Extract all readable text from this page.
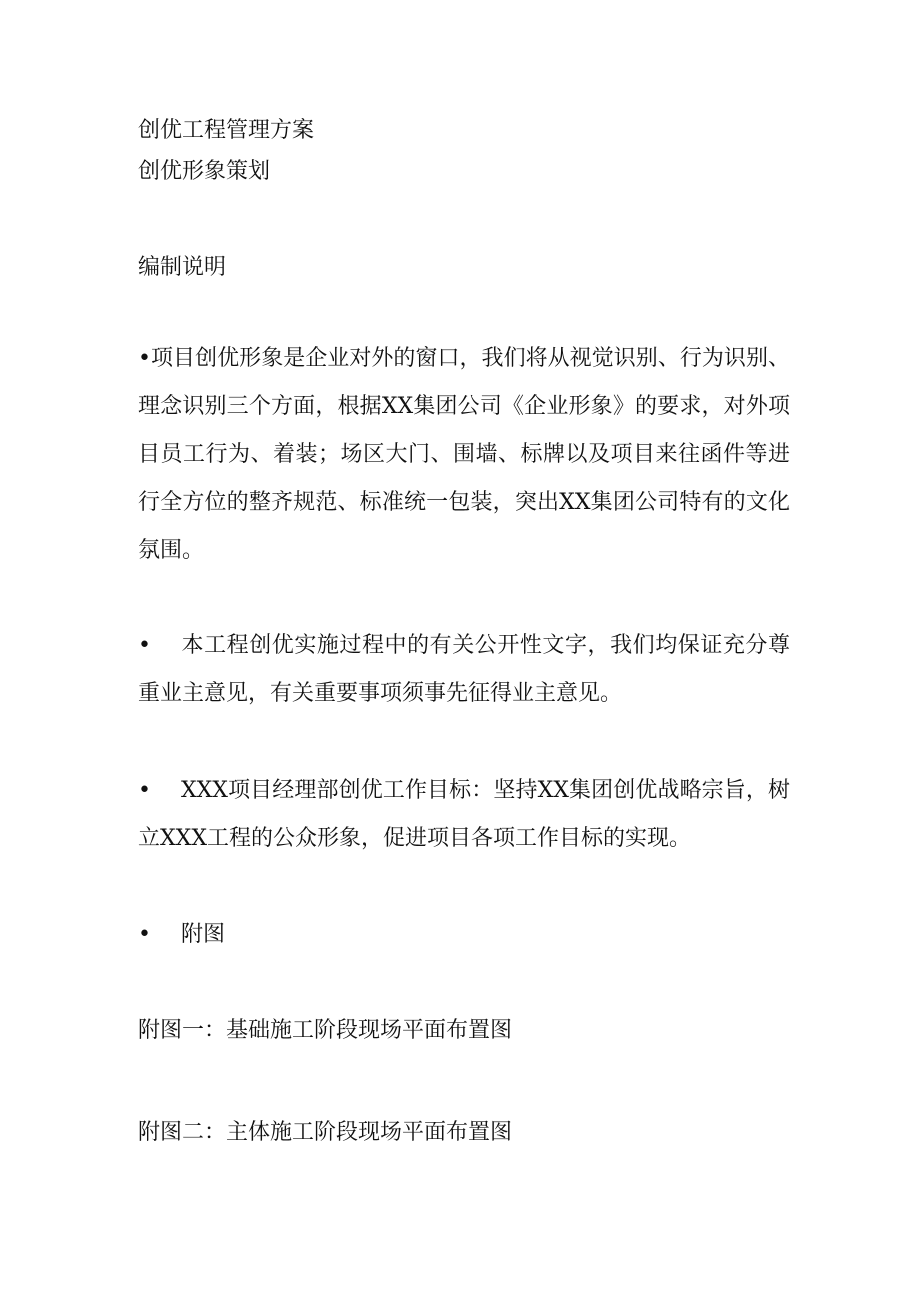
创优工程管理方案
创优形象策划
编制说明
•项目创优形象是企业对外的窗口，我们将从视觉识别、行为识别、理念识别三个方面，根据XX集团公司《企业形象》的要求，对外项目员工行为、着装；场区大门、围墙、标牌以及项目来往函件等进行全方位的整齐规范、标准统一包装，突出XX集团公司特有的文化氛围。
• 本工程创优实施过程中的有关公开性文字，我们均保证充分尊重业主意见，有关重要事项须事先征得业主意见。
• XXX项目经理部创优工作目标：坚持XX集团创优战略宗旨，树立XXX工程的公众形象，促进项目各项工作目标的实现。
• 附图
附图一：基础施工阶段现场平面布置图
附图二：主体施工阶段现场平面布置图
